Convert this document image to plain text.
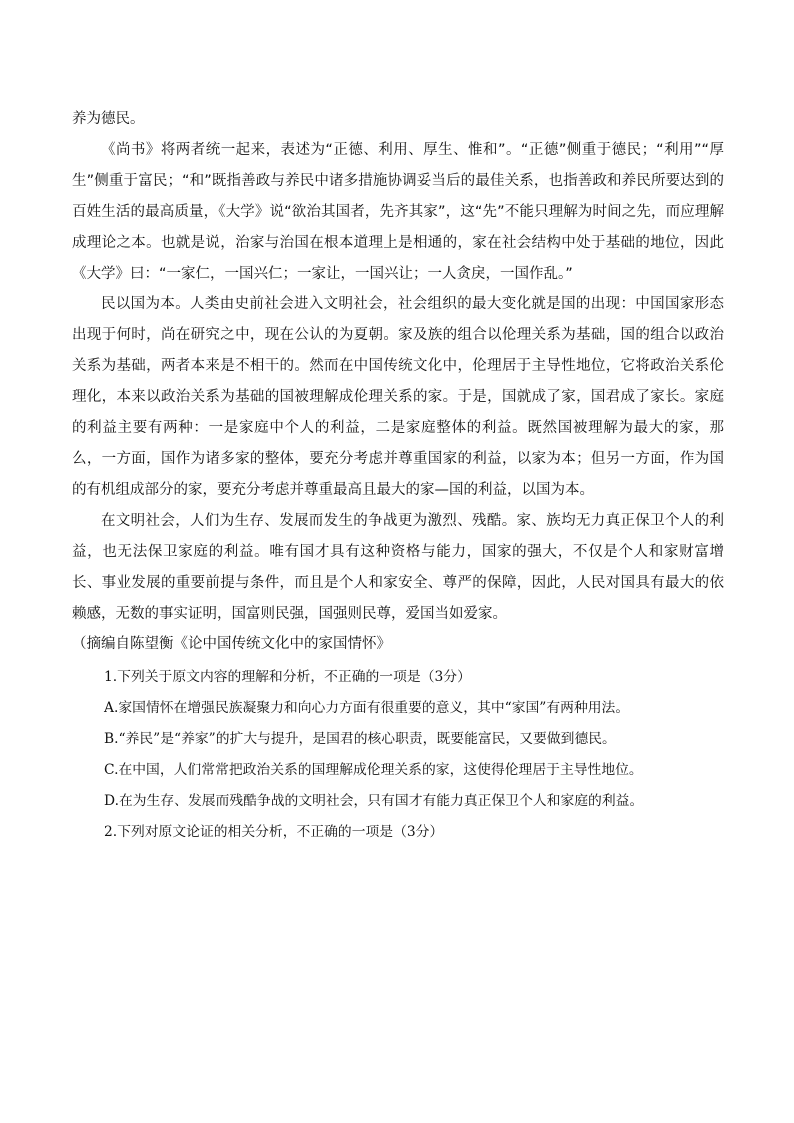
养为德民。

《尚书》将两者统一起来，表述为“正德、利用、厚生、惟和”。“正德”侧重于德民；“利用”“厚生”侧重于富民；“和”既指善政与养民中诸多措施协调妥当后的最佳关系，也指善政和养民所要达到的百姓生活的最高质量，《大学》说“欲治其国者，先齐其家”，这“先”不能只理解为时间之先，而应理解成理论之本。也就是说，治家与治国在根本道理上是相通的，家在社会结构中处于基础的地位，因此《大学》曰：“一家仁，一国兴仁；一家让，一国兴让；一人贪戾，一国作乱。”

民以国为本。人类由史前社会进入文明社会，社会组织的最大变化就是国的出现：中国国家形态出现于何时，尚在研究之中，现在公认的为夏朝。家及族的组合以伦理关系为基础，国的组合以政治关系为基础，两者本来是不相干的。然而在中国传统文化中，伦理居于主导性地位，它将政治关系伦理化，本来以政治关系为基础的国被理解成伦理关系的家。于是，国就成了家，国君成了家长。家庭的利益主要有两种：一是家庭中个人的利益，二是家庭整体的利益。既然国被理解为最大的家，那么，一方面，国作为诸多家的整体，要充分考虑并尊重国家的利益，以家为本；但另一方面，作为国的有机组成部分的家，要充分考虑并尊重最高且最大的家—国的利益，以国为本。

在文明社会，人们为生存、发展而发生的争战更为激烈、残酷。家、族均无力真正保卫个人的利益，也无法保卫家庭的利益。唯有国才具有这种资格与能力，国家的强大，不仅是个人和家财富增长、事业发展的重要前提与条件，而且是个人和家安全、尊严的保障，因此，人民对国具有最大的依赖感，无数的事实证明，国富则民强，国强则民尊，爱国当如爱家。

（摘编自陈望衡《论中国传统文化中的家国情怀》

1.下列关于原文内容的理解和分析，不正确的一项是（3分）

A.家国情怀在增强民族凝聚力和向心力方面有很重要的意义，其中“家国”有两种用法。

B.“养民”是“养家”的扩大与提升，是国君的核心职责，既要能富民，又要做到德民。

C.在中国，人们常常把政治关系的国理解成伦理关系的家，这使得伦理居于主导性地位。

D.在为生存、发展而残酷争战的文明社会，只有国才有能力真正保卫个人和家庭的利益。

2.下列对原文论证的相关分析，不正确的一项是（3分）
